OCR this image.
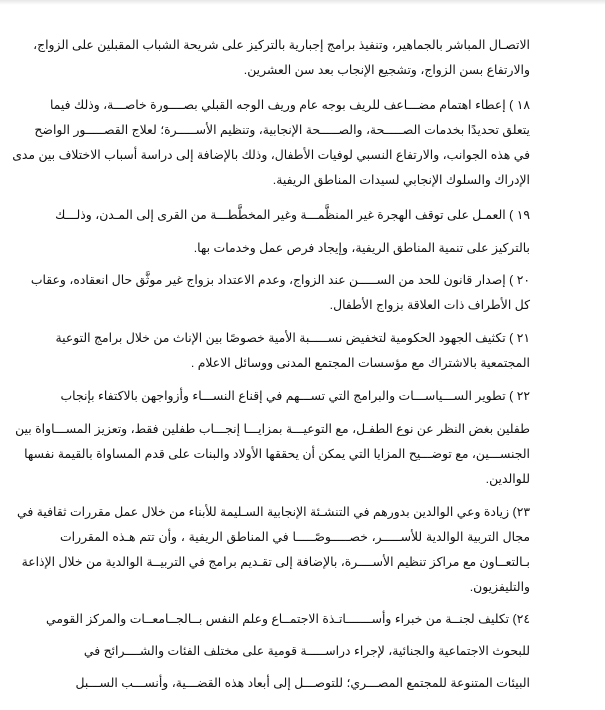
الاتصـال المباشر بالجماهير، وتنفيذ برامج إجبارية بالتركيز على شريحة الشباب المقبلين على الزواج،
والارتفاع بسن الزواج، وتشجيع الإنجاب بعد سن العشرين.
١٨ ) إعطاء اهتمام مضـــاعف للريف بوجه عام وريف الوجه القبلي بصــــورة خاصـــة، وذلك فيما
يتعلق تحديدًا بخدمات الصـــــحة، والصـــــحة الإنجابية، وتنظيم الأســـــرة؛ لعلاج القصـــــور الواضح
في هذه الجوانب، والارتفاع النسبي لوفيات الأطفال، وذلك بالإضافة إلى دراسة أسباب الاختلاف بين مدى
الإدراك والسلوك الإنجابي لسيدات المناطق الريفية.
١٩ ) العمـل على توقف الهجرة غير المنظَّمـــة وغير المخطَّطـــة من القرى إلى المـدن، وذلـــك
بالتركيز على تنمية المناطق الريفية، وإيجاد فرص عمل وخدمات بها.
٢٠ ) إصدار قانون للحد من الســـــن عند الزواج، وعدم الاعتداد بزواج غير موثَّق حال انعقاده، وعقاب
كل الأطراف ذات العلاقة بزواج الأطفال.
٢١ ) تكثيف الجهود الحكومية لتخفيض نســـــبة الأمية خصوصًا بين الإناث من خلال برامج التوعية
المجتمعية بالاشتراك مع مؤسسات المجتمع المدنى ووسائل الاعلام .
٢٢ ) تطوير الســـياســـات والبرامج التي تســـهم في إقناع النســـاء وأزواجهن بالاكتفاء بإنجاب
طفلين بغض النظر عن نوع الطفـل، مع التوعيـــة بمزايـــا إنجـــاب طفلين فقط، وتعزيز المســـاواة بين
الجنســـين، مع توضـــيح المزايا التي يمكن أن يحققها الأولاد والبنات على قدم المساواة بالقيمة نفسها
للوالدين.
٢٣) زيادة وعي الوالدين بدورهم في التنشـئة الإنجابية السـليمة للأبناء من خلال عمل مقررات ثقافية في
مجال التربية الوالدية للأســـــر، خصـــــوصًـــــا في المناطق الريفية ، وأن تتم هـذه المقررات
بـالتعــاون مع مراكز تنظيم الأســــرة، بالإضافة إلى تقـديم برامج في التربيــة الوالدية من خلال الإذاعة
والتليفزيون.
٢٤) تكليف لجنــة من خبراء وأســـــــاتـذة الاجتمــاع وعلم النفس بــالجــامعــات والمركز القومي
للبحوث الاجتماعية والجنائية، لإجراء دراســـــة قومية على مختلف الفئات والشــــرائح في
البيئات المتنوعة للمجتمع المصـــري؛ للتوصـــل إلى أبعاد هذه القضـــية، وأنســـب الســـبل
